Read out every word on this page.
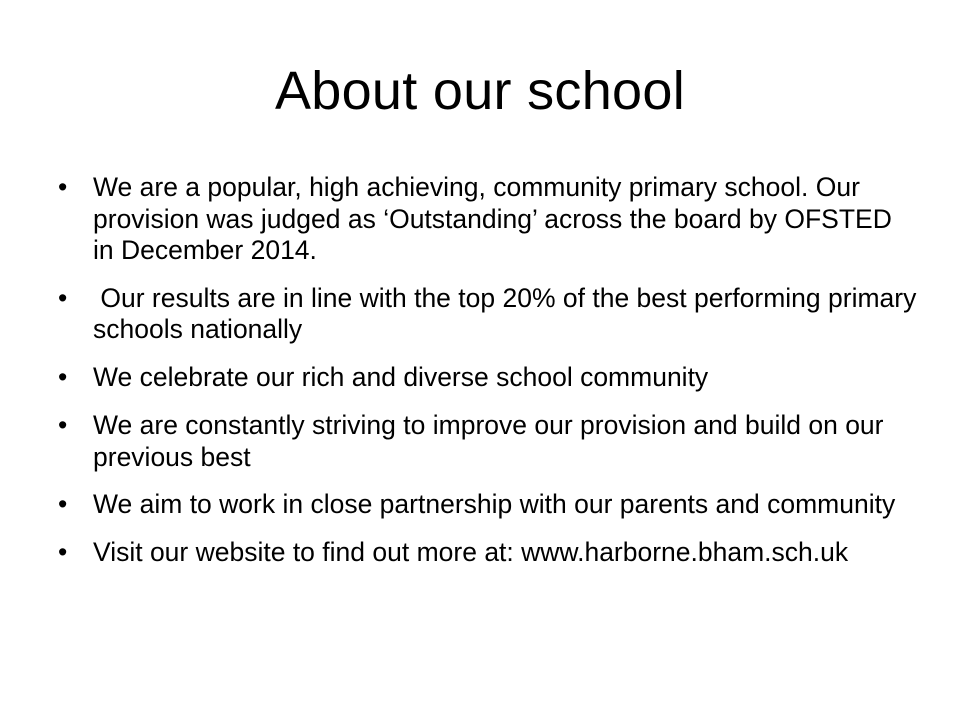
About our school
• We are a popular, high achieving, community primary school. Our provision was judged as ‘Outstanding’ across the board by OFSTED in December 2014.
• Our results are in line with the top 20% of the best performing primary schools nationally
• We celebrate our rich and diverse school community
• We are constantly striving to improve our provision and build on our previous best
• We aim to work in close partnership with our parents and community
• Visit our website to find out more at: www.harborne.bham.sch.uk
